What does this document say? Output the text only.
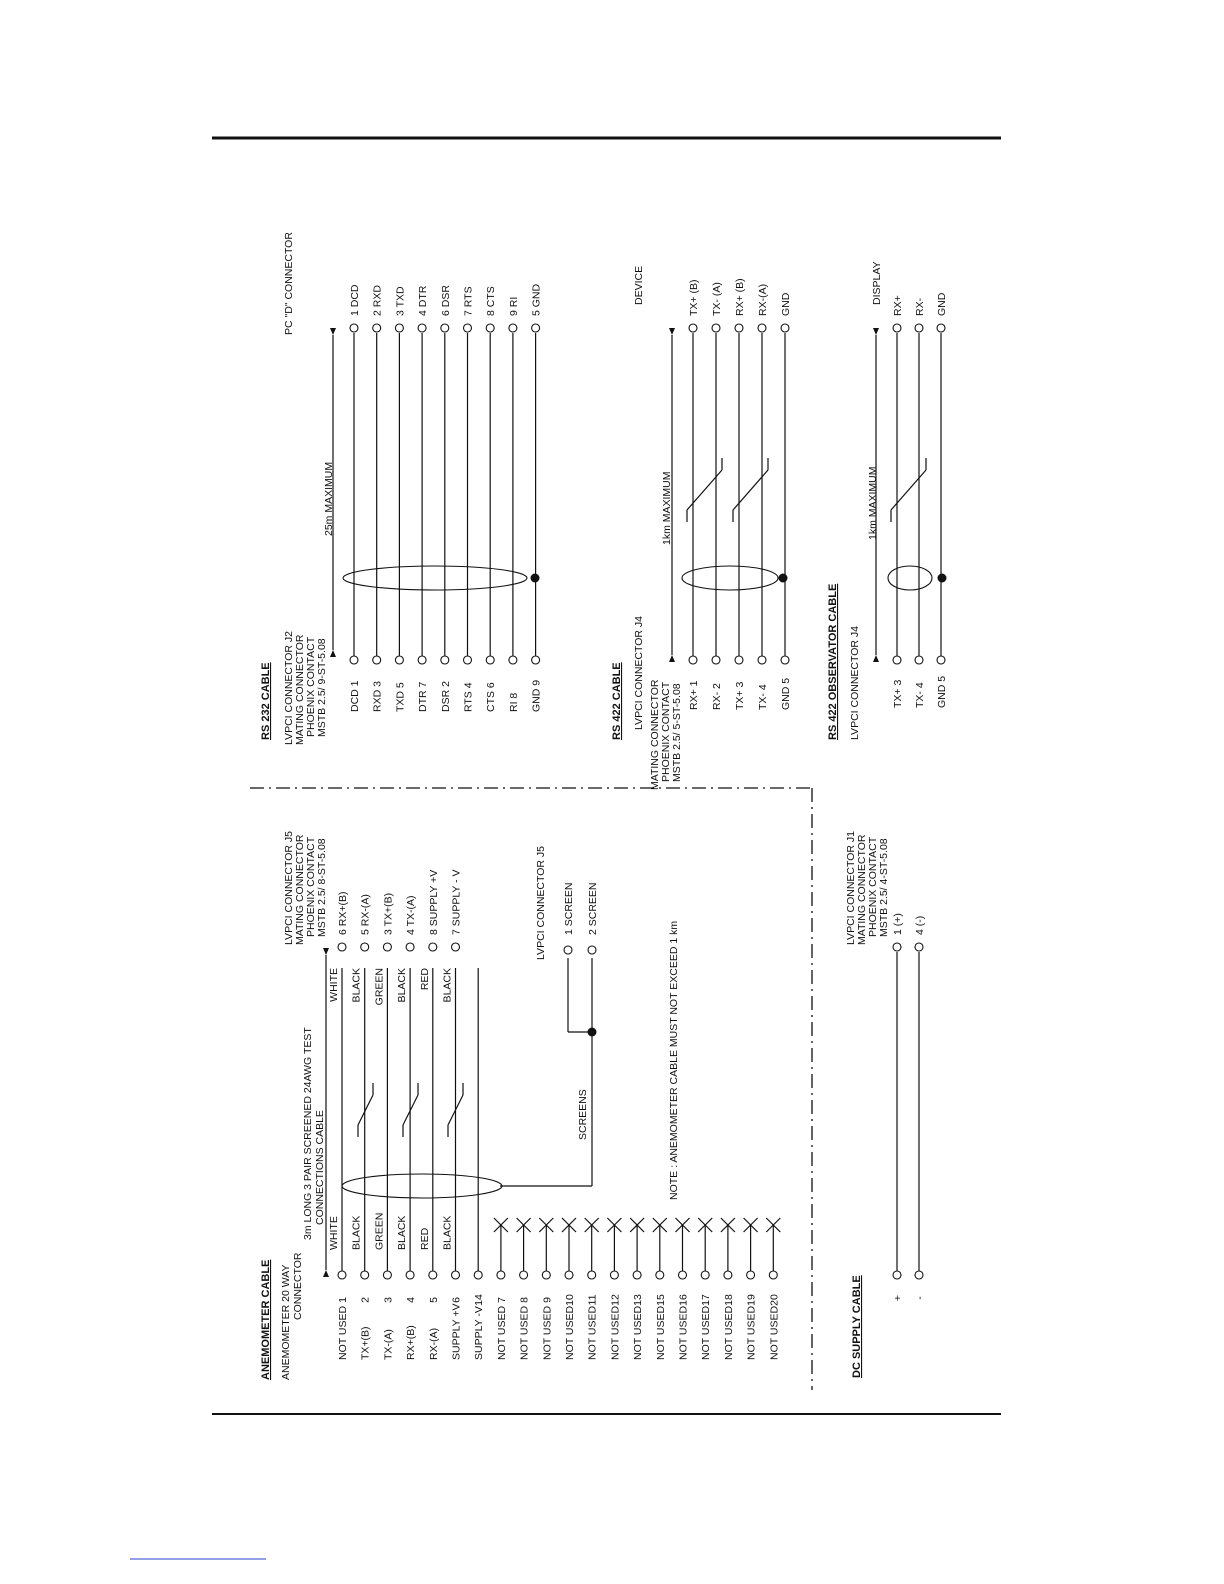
ANEMOMETER CABLE ANEMOMETER 20 WAY CONNECTOR
3m LONG 3 PAIR SCREENED 24AWG TEST CONNECTIONS CABLE
LVPCI CONNECTOR J5 MATING CONNECTOR PHOENIX CONTACT MSTB 2.5/ 8-ST-5.08
NOT USED
1
WHITE
WHITE
6 RX+(B)
TX+(B)
2
BLACK
BLACK
5 RX-(A)
TX-(A)
3
GREEN
GREEN
3 TX+(B)
RX+(B)
4
BLACK
BLACK
4 TX-(A)
RX-(A)
5
RED
RED
8 SUPPLY +V
SUPPLY +V
6
BLACK
BLACK
7 SUPPLY - V
SUPPLY -V
14
NOT USED
7
NOT USED
8
NOT USED
9
NOT USED
10
NOT USED
11
NOT USED
12
NOT USED
13
NOT USED
15
NOT USED
16
NOT USED
17
NOT USED
18
NOT USED
19
NOT USED
20
LVPCI CONNECTOR J5 1 SCREEN 2 SCREEN
SCREENS	NOTE : ANEMOMETER CABLE MUST NOT EXCEED 1 km
DC SUPPLY CABLE
LVPCI CONNECTOR J1 MATING CONNECTOR PHOENIX CONTACT MSTB 2.5/ 4-ST-5.08
+
1 (+)
-
4 (-)
RS 232 CABLE LVPCI CONNECTOR J2 MATING CONNECTOR PHOENIX CONTACT MSTB 2.5/ 9-ST-5.08
25m MAXIMUM
PC "D" CONNECTOR
DCD 1
1 DCD
RXD 3
2 RXD
TXD 5
3 TXD
DTR 7
4 DTR
DSR 2
6 DSR
RTS 4
7 RTS
CTS 6
8 CTS
RI 8
9 RI
GND 9
5 GND
RS 422 CABLE LVPCI CONNECTOR J4
MATING CONNECTOR PHOENIX CONTACT MSTB 2.5/ 5-ST-5.08
1km MAXIMUM
DEVICE
RX+ 1
TX+ (B)
RX- 2
TX- (A)
TX+ 3
RX+ (B)
TX- 4
RX-(A)
GND 5
GND
RS 422 OBSERVATOR CABLE LVPCI CONNECTOR J4
1km MAXIMUM
DISPLAY
TX+ 3
RX+
TX- 4
RX-
GND 5
GND
